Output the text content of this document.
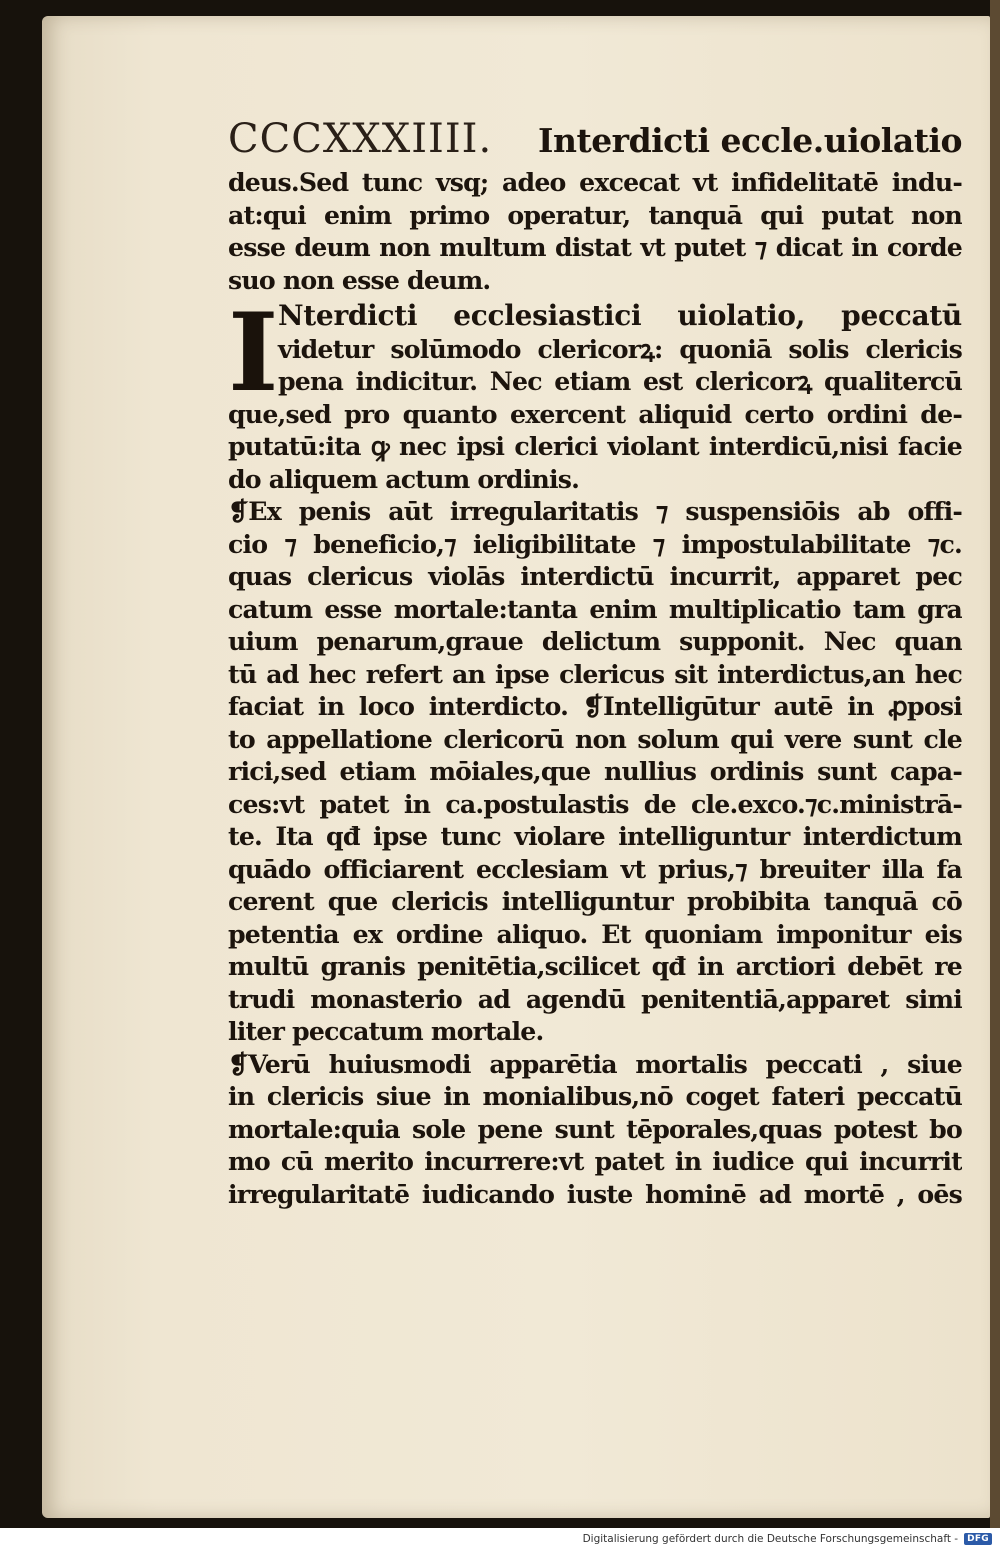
CCCXXXIIII. Interdicti eccle.uiolatio
deus.Sed tunc vsq; adeo excecat vt infidelitatē indu-
at:qui enim primo operatur, tanquā qui putat non
esse deum non multum distat vt putet ⁊ dicat in corde
suo non esse deum.
I Nterdicti ecclesiastici uiolatio, peccatū
videtur solūmodo clericorꝝ: quoniā solis clericis
pena indicitur. Nec etiam est clericorꝝ qualitercū
que,sed pro quanto exercent aliquid certo ordini de-
putatū:ita ꝙ nec ipsi clerici violant interdicū,nisi facie
do aliquem actum ordinis.
❡Ex penis aūt irregularitatis ⁊ suspensiōis ab offi-
cio ⁊ beneficio,⁊ ieligibilitate ⁊ impostulabilitate ⁊c.
quas clericus violās interdictū incurrit, apparet pec
catum esse mortale:tanta enim multiplicatio tam gra
uium penarum,graue delictum supponit. Nec quan
tū ad hec refert an ipse clericus sit interdictus,an hec
faciat in loco interdicto. ❡Intelligūtur autē in ꝓposi
to appellatione clericorū non solum qui vere sunt cle
rici,sed etiam mōiales,que nullius ordinis sunt capa-
ces:vt patet in ca.postulastis de cle.exco.⁊c.ministrā-
te. Ita qđ ipse tunc violare intelliguntur interdictum
quādo officiarent ecclesiam vt prius,⁊ breuiter illa fa
cerent que clericis intelliguntur probibita tanquā cō
petentia ex ordine aliquo. Et quoniam imponitur eis
multū granis penitētia,scilicet qđ in arctiori debēt re
trudi monasterio ad agendū penitentiā,apparet simi
liter peccatum mortale.
❡Verū huiusmodi apparētia mortalis peccati , siue
in clericis siue in monialibus,nō coget fateri peccatū
mortale:quia sole pene sunt tēporales,quas potest bo
mo cū merito incurrere:vt patet in iudice qui incurrit
irregularitatē iudicando iuste hominē ad mortē , oēs
Digitalisierung gefördert durch die Deutsche Forschungsgemeinschaft -	DFG
